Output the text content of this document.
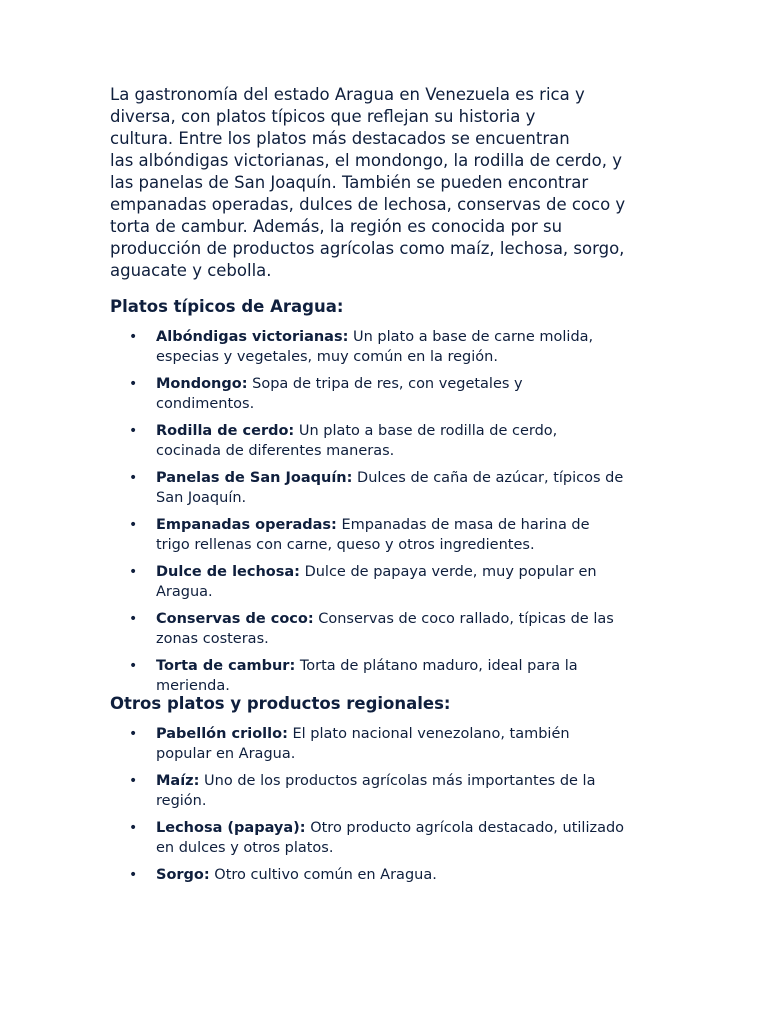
La gastronomía del estado Aragua en Venezuela es rica y
diversa, con platos típicos que reflejan su historia y
cultura. Entre los platos más destacados se encuentran
las albóndigas victorianas, el mondongo, la rodilla de cerdo, y
las panelas de San Joaquín. También se pueden encontrar
empanadas operadas, dulces de lechosa, conservas de coco y
torta de cambur. Además, la región es conocida por su
producción de productos agrícolas como maíz, lechosa, sorgo,
aguacate y cebolla.

Platos típicos de Aragua:
• Albóndigas victorianas: Un plato a base de carne molida,
especias y vegetales, muy común en la región.
• Mondongo: Sopa de tripa de res, con vegetales y
condimentos.
• Rodilla de cerdo: Un plato a base de rodilla de cerdo,
cocinada de diferentes maneras.
• Panelas de San Joaquín: Dulces de caña de azúcar, típicos de
San Joaquín.
• Empanadas operadas: Empanadas de masa de harina de
trigo rellenas con carne, queso y otros ingredientes.
• Dulce de lechosa: Dulce de papaya verde, muy popular en
Aragua.
• Conservas de coco: Conservas de coco rallado, típicas de las
zonas costeras.
• Torta de cambur: Torta de plátano maduro, ideal para la
merienda.
Otros platos y productos regionales:
• Pabellón criollo: El plato nacional venezolano, también
popular en Aragua.
• Maíz: Uno de los productos agrícolas más importantes de la
región.
• Lechosa (papaya): Otro producto agrícola destacado, utilizado
en dulces y otros platos.
• Sorgo: Otro cultivo común en Aragua.
